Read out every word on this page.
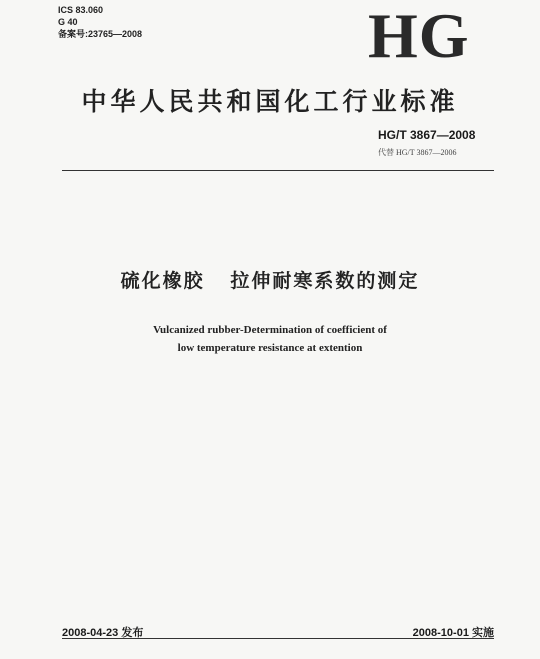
ICS 83.060
G 40
备案号:23765—2008	HG
中华人民共和国化工行业标准
HG/T 3867—2008
代替 HG/T 3867—2006
硫化橡胶   拉伸耐寒系数的测定
Vulcanized rubber-Determination of coefficient of
low temperature resistance at extention
2008-04-23 发布	2008-10-01 实施
